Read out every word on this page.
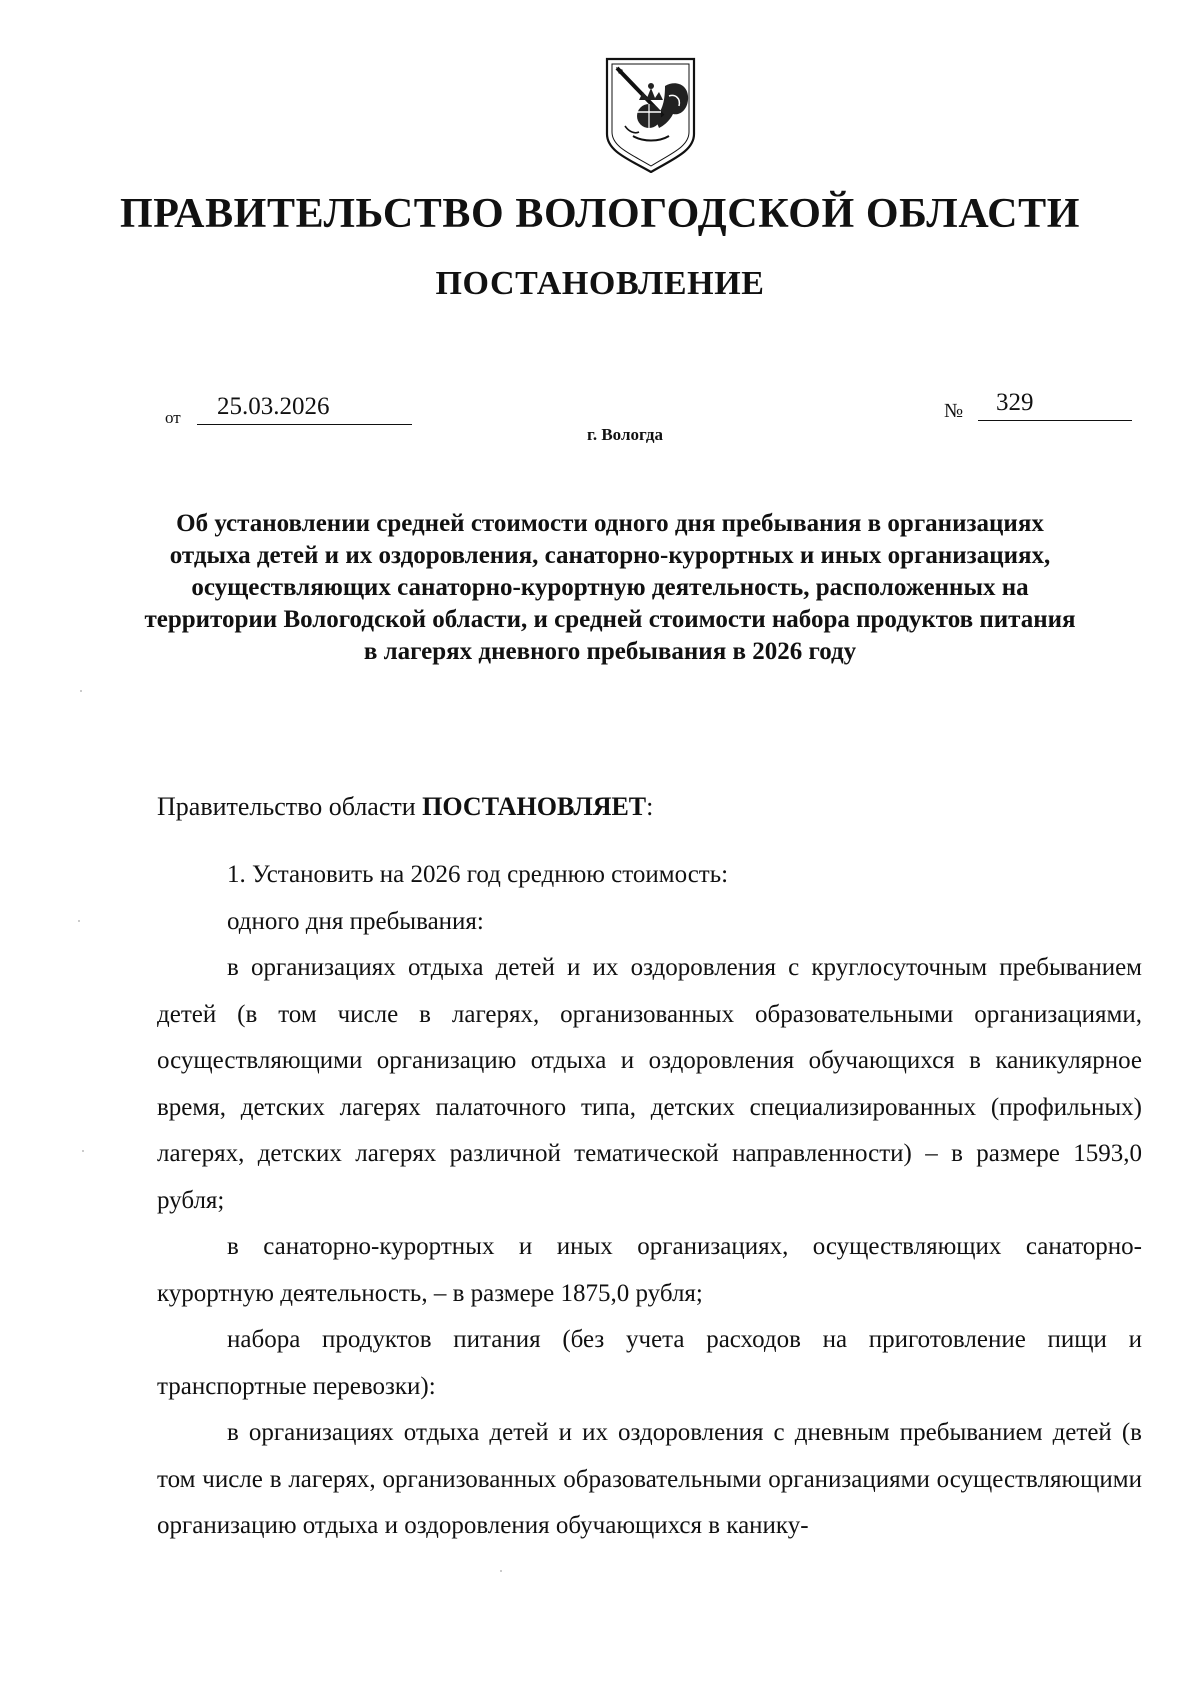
ПРАВИТЕЛЬСТВО ВОЛОГОДСКОЙ ОБЛАСТИ
ПОСТАНОВЛЕНИЕ
от	25.03.2026	№	329
г. Вологда
Об установлении средней стоимости одного дня пребывания в организациях отдыха детей и их оздоровления, санаторно-курортных и иных организациях, осуществляющих санаторно-курортную деятельность, расположенных на территории Вологодской области, и средней стоимости набора продуктов питания в лагерях дневного пребывания в 2026 году
Правительство области ПОСТАНОВЛЯЕТ:
1. Установить на 2026 год среднюю стоимость:
одного дня пребывания:
в организациях отдыха детей и их оздоровления с круглосуточным пребыванием детей (в том числе в лагерях, организованных образовательными организациями, осуществляющими организацию отдыха и оздоровления обучающихся в каникулярное время, детских лагерях палаточного типа, детских специализированных (профильных) лагерях, детских лагерях различной тематической направленности) – в размере 1593,0 рубля;
в санаторно-курортных и иных организациях, осуществляющих санаторно-курортную деятельность, – в размере 1875,0 рубля;
набора продуктов питания (без учета расходов на приготовление пищи и транспортные перевозки):
в организациях отдыха детей и их оздоровления с дневным пребыванием детей (в том числе в лагерях, организованных образовательными организациями осуществляющими организацию отдыха и оздоровления обучающихся в канику-
